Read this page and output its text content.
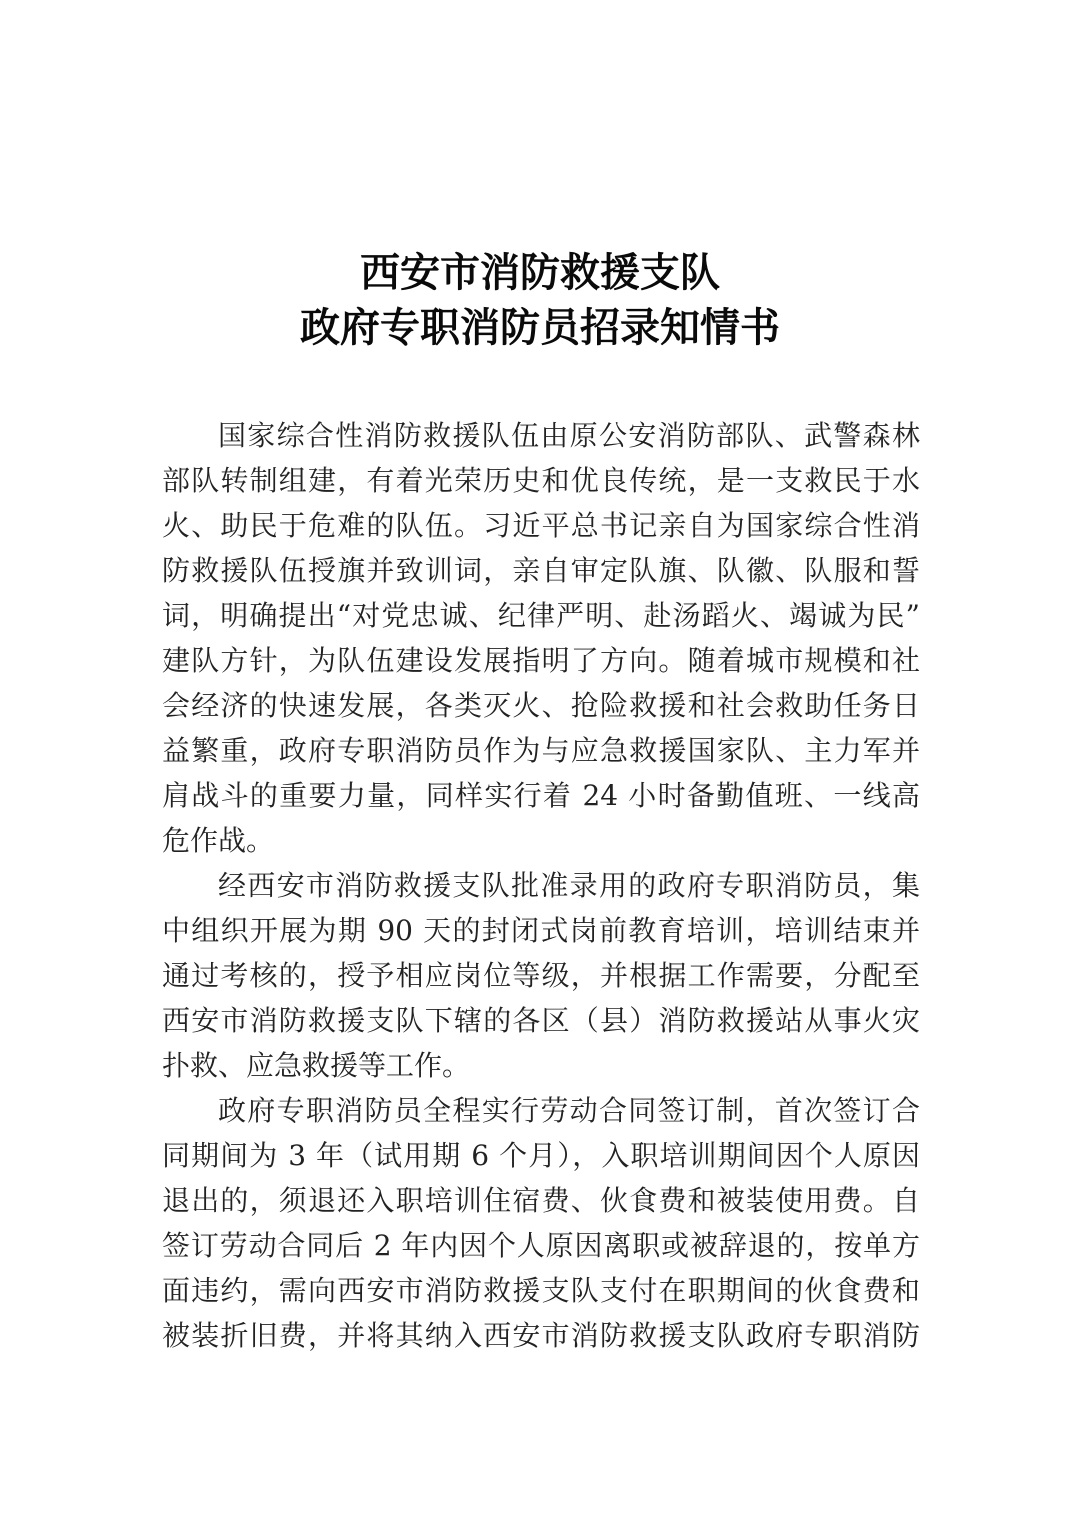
西安市消防救援支队
政府专职消防员招录知情书
国家综合性消防救援队伍由原公安消防部队、武警森林
部队转制组建，有着光荣历史和优良传统，是一支救民于水
火、助民于危难的队伍。习近平总书记亲自为国家综合性消
防救援队伍授旗并致训词，亲自审定队旗、队徽、队服和誓
词，明确提出“对党忠诚、纪律严明、赴汤蹈火、竭诚为民”
建队方针，为队伍建设发展指明了方向。随着城市规模和社
会经济的快速发展，各类灭火、抢险救援和社会救助任务日
益繁重，政府专职消防员作为与应急救援国家队、主力军并
肩战斗的重要力量，同样实行着 24 小时备勤值班、一线高
危作战。
经西安市消防救援支队批准录用的政府专职消防员，集
中组织开展为期 90 天的封闭式岗前教育培训，培训结束并
通过考核的，授予相应岗位等级，并根据工作需要，分配至
西安市消防救援支队下辖的各区（县）消防救援站从事火灾
扑救、应急救援等工作。
政府专职消防员全程实行劳动合同签订制，首次签订合
同期间为 3 年（试用期 6 个月），入职培训期间因个人原因
退出的，须退还入职培训住宿费、伙食费和被装使用费。自
签订劳动合同后 2 年内因个人原因离职或被辞退的，按单方
面违约，需向西安市消防救援支队支付在职期间的伙食费和
被装折旧费，并将其纳入西安市消防救援支队政府专职消防
